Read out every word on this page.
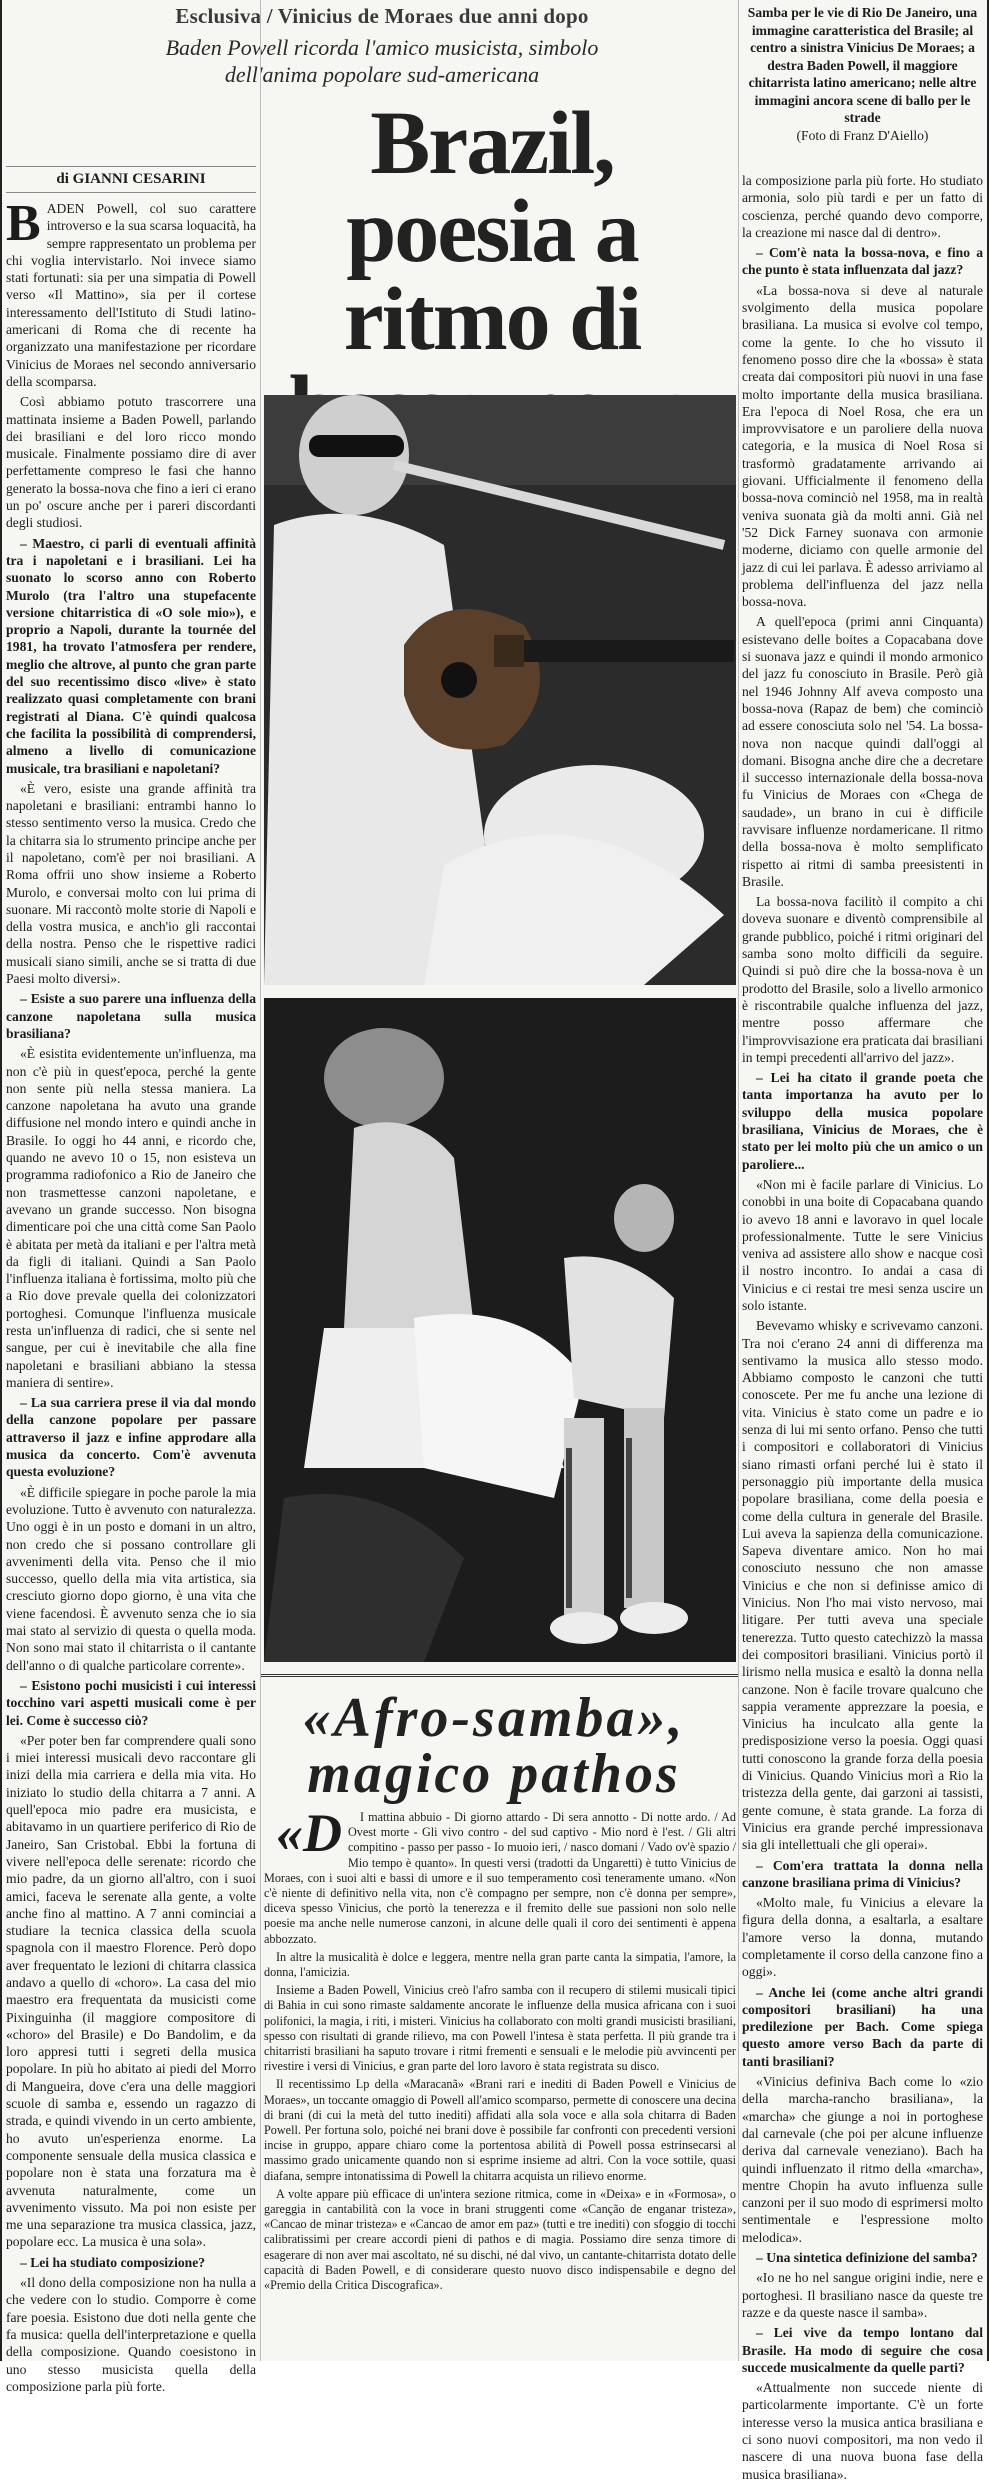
Esclusiva / Vinicius de Moraes due anni dopo
Baden Powell ricorda l'amico musicista, simbolo dell'anima popolare sud-americana
Brazil, poesia a ritmo di
di GIANNI CESARINI
Samba per le vie di Rio De Janeiro, una immagine caratteristica del Brasile; al centro a sinistra Vinicius De Moraes; a destra Baden Powell, il maggiore chitarrista latino americano; nelle altre immagini ancora scene di ballo per le strade
(Foto di Franz D'Aiello)

BADEN Powell, col suo carattere introverso e la sua scarsa loquacità, ha sempre rappresentato un problema per chi voglia intervistarlo. Noi invece siamo stati fortunati: sia per una simpatia di Powell verso «Il Mattino», sia per il cortese interessamento dell'Istituto di Studi latino-americani di Roma che di recente ha organizzato una manifestazione per ricordare Vinicius de Moraes nel secondo anniversario della scomparsa.

Così abbiamo potuto trascorrere una mattinata insieme a Baden Powell, parlando dei brasiliani e del loro ricco mondo musicale. Finalmente possiamo dire di aver perfettamente compreso le fasi che hanno generato la bossa-nova che fino a ieri ci erano un po' oscure anche per i pareri discordanti degli studiosi.

– Maestro, ci parli di eventuali affinità tra i napoletani e i brasiliani. Lei ha suonato lo scorso anno con Roberto Murolo (tra l'altro una stupefacente versione chitarristica di «O sole mio»), e proprio a Napoli, durante la tournée del 1981, ha trovato l'atmosfera per rendere, meglio che altrove, al punto che gran parte del suo recentissimo disco «live» è stato realizzato quasi completamente con brani registrati al Diana. C'è quindi qualcosa che facilita la possibilità di comprendersi, almeno a livello di comunicazione musicale, tra brasiliani e napoletani?

«È vero, esiste una grande affinità tra napoletani e brasiliani: entrambi hanno lo stesso sentimento verso la musica. Credo che la chitarra sia lo strumento principe anche per il napoletano, com'è per noi brasiliani. A Roma offrii uno show insieme a Roberto Murolo, e conversai molto con lui prima di suonare. Mi raccontò molte storie di Napoli e della vostra musica, e anch'io gli raccontai della nostra. Penso che le rispettive radici musicali siano simili, anche se si tratta di due Paesi molto diversi».

– Esiste a suo parere una influenza della canzone napoletana sulla musica brasiliana?

«È esistita evidentemente un'influenza, ma non c'è più in quest'epoca, perché la gente non sente più nella stessa maniera. La canzone napoletana ha avuto una grande diffusione nel mondo intero e quindi anche in Brasile. Io oggi ho 44 anni, e ricordo che, quando ne avevo 10 o 15, non esisteva un programma radiofonico a Rio de Janeiro che non trasmettesse canzoni napoletane, e avevano un grande successo. Non bisogna dimenticare poi che una città come San Paolo è abitata per metà da italiani e per l'altra metà da figli di italiani. Quindi a San Paolo l'influenza italiana è fortissima, molto più che a Rio dove prevale quella dei colonizzatori portoghesi. Comunque l'influenza musicale resta un'influenza di radici, che si sente nel sangue, per cui è inevitabile che alla fine napoletani e brasiliani abbiano la stessa maniera di sentire».

– La sua carriera prese il via dal mondo della canzone popolare per passare attraverso il jazz e infine approdare alla musica da concerto. Com'è avvenuta questa evoluzione?

«È difficile spiegare in poche parole la mia evoluzione. Tutto è avvenuto con naturalezza. Uno oggi è in un posto e domani in un altro, non credo che si possano controllare gli avvenimenti della vita. Penso che il mio successo, quello della mia vita artistica, sia cresciuto giorno dopo giorno, è una vita che viene facendosi. È avvenuto senza che io sia mai stato al servizio di questa o quella moda. Non sono mai stato il chitarrista o il cantante dell'anno o di qualche particolare corrente».

– Esistono pochi musicisti i cui interessi tocchino vari aspetti musicali come è per lei. Come è successo ciò?

«Per poter ben far comprendere quali sono i miei interessi musicali devo raccontare gli inizi della mia carriera e della mia vita. Ho iniziato lo studio della chitarra a 7 anni. A quell'epoca mio padre era musicista, e abitavamo in un quartiere periferico di Rio de Janeiro, San Cristobal. Ebbi la fortuna di vivere nell'epoca delle serenate: ricordo che mio padre, da un giorno all'altro, con i suoi amici, faceva le serenate alla gente, a volte anche fino al mattino. A 7 anni cominciai a studiare la tecnica classica della scuola spagnola con il maestro Florence. Però dopo aver frequentato le lezioni di chitarra classica andavo a quello di «choro». La casa del mio maestro era frequentata da musicisti come Pixinguinha (il maggiore compositore di «choro» del Brasile) e Do Bandolim, e da loro appresi tutti i segreti della musica popolare. In più ho abitato ai piedi del Morro di Mangueira, dove c'era una delle maggiori scuole di samba e, essendo un ragazzo di strada, e quindi vivendo in un certo ambiente, ho avuto un'esperienza enorme. La componente sensuale della musica classica e popolare non è stata una forzatura ma è avvenuta naturalmente, come un avvenimento vissuto. Ma poi non esiste per me una separazione tra musica classica, jazz, popolare ecc. La musica è una sola».

– Lei ha studiato composizione?

«Il dono della composizione non ha nulla a che vedere con lo studio. Comporre è come fare poesia. Esistono due doti nella gente che fa musica: quella dell'interpretazione e quella della composizione. Quando coesistono in uno stesso musicista quella della composizione parla più forte.

la composizione parla più forte. Ho studiato armonia, solo più tardi e per un fatto di coscienza, perché quando devo comporre, la creazione mi nasce dal di dentro».

– Com'è nata la bossa-nova, e fino a che punto è stata influenzata dal jazz?

«La bossa-nova si deve al naturale svolgimento della musica popolare brasiliana. La musica si evolve col tempo, come la gente. Io che ho vissuto il fenomeno posso dire che la «bossa» è stata creata dai compositori più nuovi in una fase molto importante della musica brasiliana. Era l'epoca di Noel Rosa, che era un improvvisatore e un paroliere della nuova categoria, e la musica di Noel Rosa si trasformò gradatamente arrivando ai giovani. Ufficialmente il fenomeno della bossa-nova cominciò nel 1958, ma in realtà veniva suonata già da molti anni. Già nel '52 Dick Farney suonava con armonie moderne, diciamo con quelle armonie del jazz di cui lei parlava. È adesso arriviamo al problema dell'influenza del jazz nella bossa-nova.

A quell'epoca (primi anni Cinquanta) esistevano delle boites a Copacabana dove si suonava jazz e quindi il mondo armonico del jazz fu conosciuto in Brasile. Però già nel 1946 Johnny Alf aveva composto una bossa-nova (Rapaz de bem) che cominciò ad essere conosciuta solo nel '54. La bossa-nova non nacque quindi dall'oggi al domani. Bisogna anche dire che a decretare il successo internazionale della bossa-nova fu Vinicius de Moraes con «Chega de saudade», un brano in cui è difficile ravvisare influenze nordamericane. Il ritmo della bossa-nova è molto semplificato rispetto ai ritmi di samba preesistenti in Brasile.

La bossa-nova facilitò il compito a chi doveva suonare e diventò comprensibile al grande pubblico, poiché i ritmi originari del samba sono molto difficili da seguire. Quindi si può dire che la bossa-nova è un prodotto del Brasile, solo a livello armonico è riscontrabile qualche influenza del jazz, mentre posso affermare che l'improvvisazione era praticata dai brasiliani in tempi precedenti all'arrivo del jazz».

– Lei ha citato il grande poeta che tanta importanza ha avuto per lo sviluppo della musica popolare brasiliana, Vinicius de Moraes, che è stato per lei molto più che un amico o un paroliere...

«Non mi è facile parlare di Vinicius. Lo conobbi in una boite di Copacabana quando io avevo 18 anni e lavoravo in quel locale professionalmente. Tutte le sere Vinicius veniva ad assistere allo show e nacque così il nostro incontro. Io andai a casa di Vinicius e ci restai tre mesi senza uscire un solo istante.

Bevevamo whisky e scrivevamo canzoni. Tra noi c'erano 24 anni di differenza ma sentivamo la musica allo stesso modo. Abbiamo composto le canzoni che tutti conoscete. Per me fu anche una lezione di vita. Vinicius è stato come un padre e io senza di lui mi sento orfano. Penso che tutti i compositori e collaboratori di Vinicius siano rimasti orfani perché lui è stato il personaggio più importante della musica popolare brasiliana, come della poesia e come della cultura in generale del Brasile. Lui aveva la sapienza della comunicazione. Sapeva diventare amico. Non ho mai conosciuto nessuno che non amasse Vinicius e che non si definisse amico di Vinicius. Non l'ho mai visto nervoso, mai litigare. Per tutti aveva una speciale tenerezza. Tutto questo catechizzò la massa dei compositori brasiliani. Vinicius portò il lirismo nella musica e esaltò la donna nella canzone. Non è facile trovare qualcuno che sappia veramente apprezzare la poesia, e Vinicius ha inculcato alla gente la predisposizione verso la poesia. Oggi quasi tutti conoscono la grande forza della poesia di Vinicius. Quando Vinicius morì a Rio la tristezza della gente, dai garzoni ai tassisti, gente comune, è stata grande. La forza di Vinicius era grande perché impressionava sia gli intellettuali che gli operai».

– Com'era trattata la donna nella canzone brasiliana prima di Vinicius?

«Molto male, fu Vinicius a elevare la figura della donna, a esaltarla, a esaltare l'amore verso la donna, mutando completamente il corso della canzone fino a oggi».

– Anche lei (come anche altri grandi compositori brasiliani) ha una predilezione per Bach. Come spiega questo amore verso Bach da parte di tanti brasiliani?

«Vinicius definiva Bach come lo «zio della marcha-rancho brasiliana», la «marcha» che giunge a noi in portoghese dal carnevale (che poi per alcune influenze deriva dal carnevale veneziano). Bach ha quindi influenzato il ritmo della «marcha», mentre Chopin ha avuto influenza sulle canzoni per il suo modo di esprimersi molto sentimentale e l'espressione molto melodica».

– Una sintetica definizione del samba?

«Io ne ho nel sangue origini indie, nere e portoghesi. Il brasiliano nasce da queste tre razze e da queste nasce il samba».

– Lei vive da tempo lontano dal Brasile. Ha modo di seguire che cosa succede musicalmente da quelle parti?

«Attualmente non succede niente di particolarmente importante. C'è un forte interesse verso la musica antica brasiliana e ci sono nuovi compositori, ma non vedo il nascere di una nuova buona fase della musica brasiliana».

«Afro-samba», magico pathos

«D I mattina abbuio - Di giorno attardo - Di sera annotto - Di notte ardo. / Ad Ovest morte - Gli vivo contro - del sud captivo - Mio nord è l'est. / Gli altri compitino - passo per passo - Io muoio ieri, / nasco domani / Vado ov'è spazio / Mio tempo è quanto». In questi versi (tradotti da Ungaretti) è tutto Vinicius de Moraes, con i suoi alti e bassi di umore e il suo temperamento così teneramente umano. «Non c'è niente di definitivo nella vita, non c'è compagno per sempre, non c'è donna per sempre», diceva spesso Vinicius, che portò la tenerezza e il fremito delle sue passioni non solo nelle poesie ma anche nelle numerose canzoni, in alcune delle quali il coro dei sentimenti è appena abbozzato.

In altre la musicalità è dolce e leggera, mentre nella gran parte canta la simpatia, l'amore, la donna, l'amicizia.

Insieme a Baden Powell, Vinicius creò l'afro samba con il recupero di stilemi musicali tipici di Bahia in cui sono rimaste saldamente ancorate le influenze della musica africana con i suoi polifonici, la magia, i riti, i misteri. Vinicius ha collaborato con molti grandi musicisti brasiliani, spesso con risultati di grande rilievo, ma con Powell l'intesa è stata perfetta. Il più grande tra i chitarristi brasiliani ha saputo trovare i ritmi frementi e sensuali e le melodie più avvincenti per rivestire i versi di Vinicius, e gran parte del loro lavoro è stata registrata su disco.

Il recentissimo Lp della «Maracanã» «Brani rari e inediti di Baden Powell e Vinicius de Moraes», un toccante omaggio di Powell all'amico scomparso, permette di conoscere una decina di brani (di cui la metà del tutto inediti) affidati alla sola voce e alla sola chitarra di Baden Powell. Per fortuna solo, poiché nei brani dove è possibile far confronti con precedenti versioni incise in gruppo, appare chiaro come la portentosa abilità di Powell possa estrinsecarsi al massimo grado unicamente quando non si esprime insieme ad altri. Con la voce sottile, quasi diafana, sempre intonatissima di Powell la chitarra acquista un rilievo enorme.

A volte appare più efficace di un'intera sezione ritmica, come in «Deixa» e in «Formosa», o gareggia in cantabilità con la voce in brani struggenti come «Canção de enganar tristeza», «Cancao de minar tristeza» e «Cancao de amor em paz» (tutti e tre inediti) con sfoggio di tocchi calibratissimi per creare accordi pieni di pathos e di magia. Possiamo dire senza timore di esagerare di non aver mai ascoltato, né su dischi, né dal vivo, un cantante-chitarrista dotato delle capacità di Baden Powell, e di considerare questo nuovo disco indispensabile e degno del «Premio della Critica Discografica».
